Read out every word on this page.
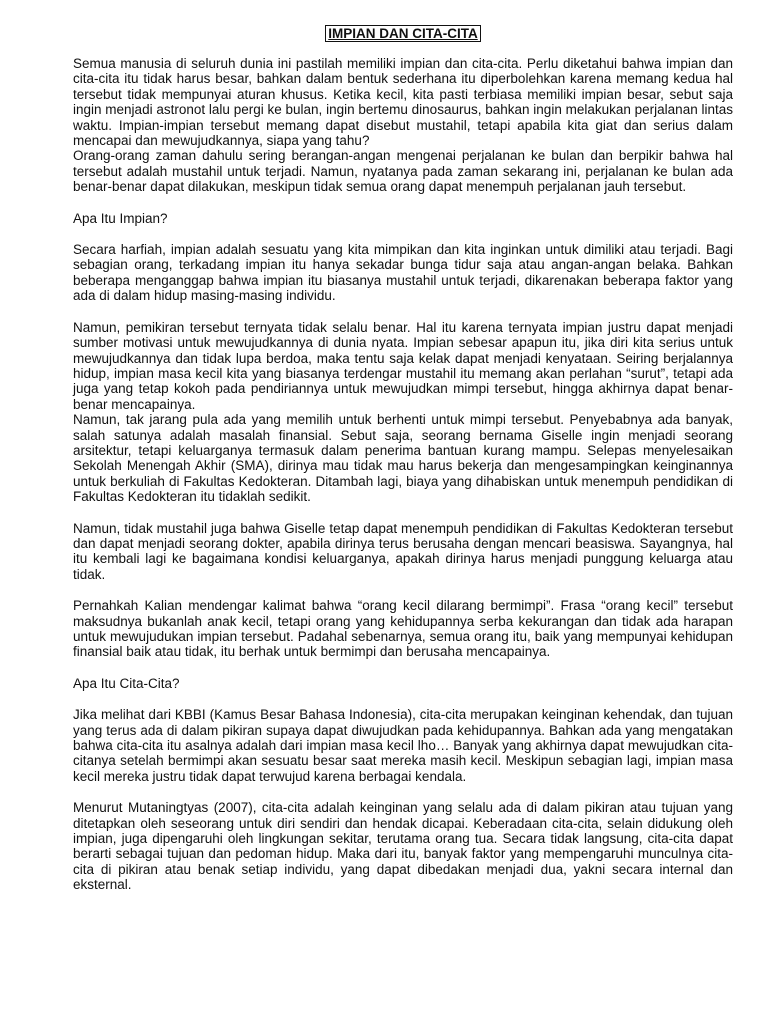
IMPIAN DAN CITA-CITA

Semua manusia di seluruh dunia ini pastilah memiliki impian dan cita-cita. Perlu diketahui bahwa impian dan cita-cita itu tidak harus besar, bahkan dalam bentuk sederhana itu diperbolehkan karena memang kedua hal tersebut tidak mempunyai aturan khusus. Ketika kecil, kita pasti terbiasa memiliki impian besar, sebut saja ingin menjadi astronot lalu pergi ke bulan, ingin bertemu dinosaurus, bahkan ingin melakukan perjalanan lintas waktu. Impian-impian tersebut memang dapat disebut mustahil, tetapi apabila kita giat dan serius dalam mencapai dan mewujudkannya, siapa yang tahu?

Orang-orang zaman dahulu sering berangan-angan mengenai perjalanan ke bulan dan berpikir bahwa hal tersebut adalah mustahil untuk terjadi. Namun, nyatanya pada zaman sekarang ini, perjalanan ke bulan ada benar-benar dapat dilakukan, meskipun tidak semua orang dapat menempuh perjalanan jauh tersebut.

Apa Itu Impian?

Secara harfiah, impian adalah sesuatu yang kita mimpikan dan kita inginkan untuk dimiliki atau terjadi. Bagi sebagian orang, terkadang impian itu hanya sekadar bunga tidur saja atau angan-angan belaka. Bahkan beberapa menganggap bahwa impian itu biasanya mustahil untuk terjadi, dikarenakan beberapa faktor yang ada di dalam hidup masing-masing individu.

Namun, pemikiran tersebut ternyata tidak selalu benar. Hal itu karena ternyata impian justru dapat menjadi sumber motivasi untuk mewujudkannya di dunia nyata. Impian sebesar apapun itu, jika diri kita serius untuk mewujudkannya dan tidak lupa berdoa, maka tentu saja kelak dapat menjadi kenyataan. Seiring berjalannya hidup, impian masa kecil kita yang biasanya terdengar mustahil itu memang akan perlahan “surut”, tetapi ada juga yang tetap kokoh pada pendiriannya untuk mewujudkan mimpi tersebut, hingga akhirnya dapat benar-benar mencapainya.

Namun, tak jarang pula ada yang memilih untuk berhenti untuk mimpi tersebut. Penyebabnya ada banyak, salah satunya adalah masalah finansial. Sebut saja, seorang bernama Giselle ingin menjadi seorang arsitektur, tetapi keluarganya termasuk dalam penerima bantuan kurang mampu. Selepas menyelesaikan Sekolah Menengah Akhir (SMA), dirinya mau tidak mau harus bekerja dan mengesampingkan keinginannya untuk berkuliah di Fakultas Kedokteran. Ditambah lagi, biaya yang dihabiskan untuk menempuh pendidikan di Fakultas Kedokteran itu tidaklah sedikit.

Namun, tidak mustahil juga bahwa Giselle tetap dapat menempuh pendidikan di Fakultas Kedokteran tersebut dan dapat menjadi seorang dokter, apabila dirinya terus berusaha dengan mencari beasiswa. Sayangnya, hal itu kembali lagi ke bagaimana kondisi keluarganya, apakah dirinya harus menjadi punggung keluarga atau tidak.

Pernahkah Kalian mendengar kalimat bahwa “orang kecil dilarang bermimpi”. Frasa “orang kecil” tersebut maksudnya bukanlah anak kecil, tetapi orang yang kehidupannya serba kekurangan dan tidak ada harapan untuk mewujudukan impian tersebut. Padahal sebenarnya, semua orang itu, baik yang mempunyai kehidupan finansial baik atau tidak, itu berhak untuk bermimpi dan berusaha mencapainya.

Apa Itu Cita-Cita?

Jika melihat dari KBBI (Kamus Besar Bahasa Indonesia), cita-cita merupakan keinginan kehendak, dan tujuan yang terus ada di dalam pikiran supaya dapat diwujudkan pada kehidupannya. Bahkan ada yang mengatakan bahwa cita-cita itu asalnya adalah dari impian masa kecil lho… Banyak yang akhirnya dapat mewujudkan cita-citanya setelah bermimpi akan sesuatu besar saat mereka masih kecil. Meskipun sebagian lagi, impian masa kecil mereka justru tidak dapat terwujud karena berbagai kendala.

Menurut Mutaningtyas (2007), cita-cita adalah keinginan yang selalu ada di dalam pikiran atau tujuan yang ditetapkan oleh seseorang untuk diri sendiri dan hendak dicapai. Keberadaan cita-cita, selain didukung oleh impian, juga dipengaruhi oleh lingkungan sekitar, terutama orang tua. Secara tidak langsung, cita-cita dapat berarti sebagai tujuan dan pedoman hidup. Maka dari itu, banyak faktor yang mempengaruhi munculnya cita-cita di pikiran atau benak setiap individu, yang dapat dibedakan menjadi dua, yakni secara internal dan eksternal.
